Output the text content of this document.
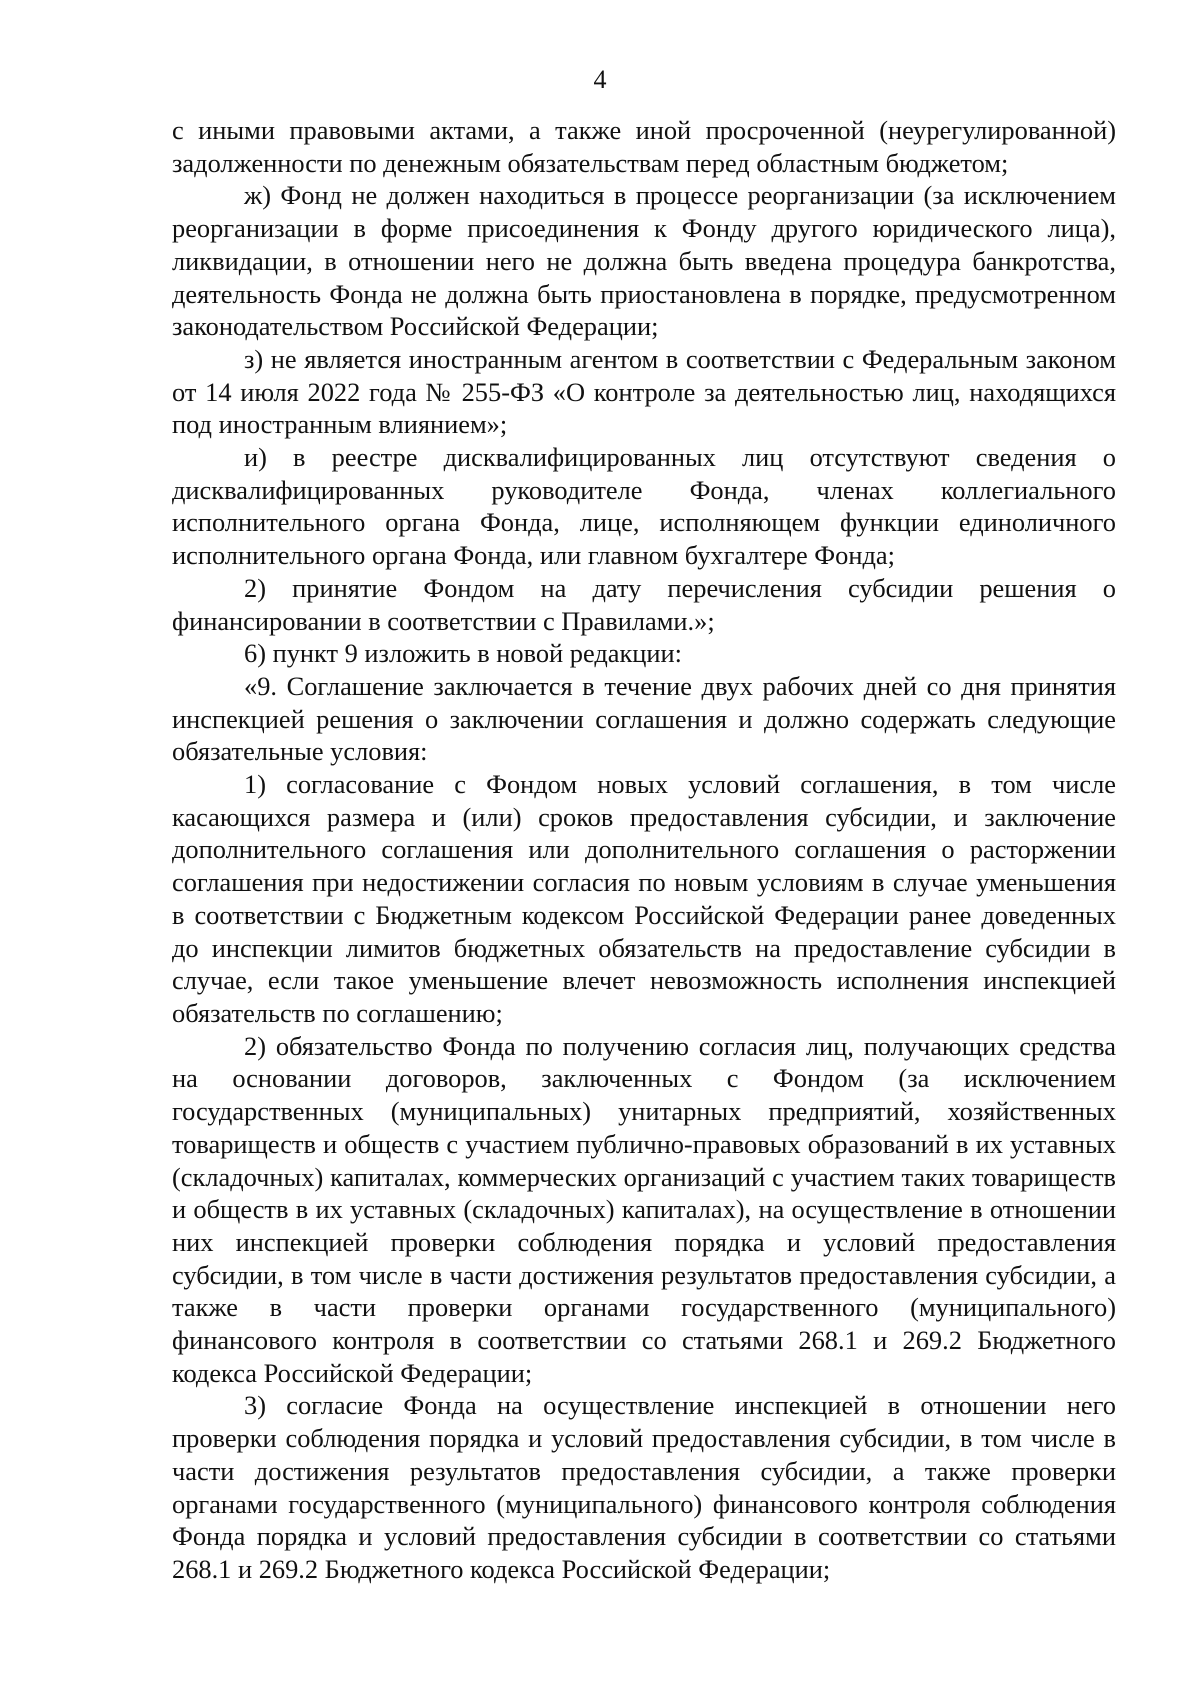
4

с иными правовыми актами, а также иной просроченной (неурегулированной) задолженности по денежным обязательствам перед областным бюджетом;

ж) Фонд не должен находиться в процессе реорганизации (за исключением реорганизации в форме присоединения к Фонду другого юридического лица), ликвидации, в отношении него не должна быть введена процедура банкротства, деятельность Фонда не должна быть приостановлена в порядке, предусмотренном законодательством Российской Федерации;

з) не является иностранным агентом в соответствии с Федеральным законом от 14 июля 2022 года № 255-ФЗ «О контроле за деятельностью лиц, находящихся под иностранным влиянием»;

и) в реестре дисквалифицированных лиц отсутствуют сведения о дисквалифицированных руководителе Фонда, членах коллегиального исполнительного органа Фонда, лице, исполняющем функции единоличного исполнительного органа Фонда, или главном бухгалтере Фонда;

2) принятие Фондом на дату перечисления субсидии решения о финансировании в соответствии с Правилами.»;

6) пункт 9 изложить в новой редакции:

«9. Соглашение заключается в течение двух рабочих дней со дня принятия инспекцией решения о заключении соглашения и должно содержать следующие обязательные условия:

1) согласование с Фондом новых условий соглашения, в том числе касающихся размера и (или) сроков предоставления субсидии, и заключение дополнительного соглашения или дополнительного соглашения о расторжении соглашения при недостижении согласия по новым условиям в случае уменьшения в соответствии с Бюджетным кодексом Российской Федерации ранее доведенных до инспекции лимитов бюджетных обязательств на предоставление субсидии в случае, если такое уменьшение влечет невозможность исполнения инспекцией обязательств по соглашению;

2) обязательство Фонда по получению согласия лиц, получающих средства на основании договоров, заключенных с Фондом (за исключением государственных (муниципальных) унитарных предприятий, хозяйственных товариществ и обществ с участием публично-правовых образований в их уставных (складочных) капиталах, коммерческих организаций с участием таких товариществ и обществ в их уставных (складочных) капиталах), на осуществление в отношении них инспекцией проверки соблюдения порядка и условий предоставления субсидии, в том числе в части достижения результатов предоставления субсидии, а также в части проверки органами государственного (муниципального) финансового контроля в соответствии со статьями 268.1 и 269.2 Бюджетного кодекса Российской Федерации;

3) согласие Фонда на осуществление инспекцией в отношении него проверки соблюдения порядка и условий предоставления субсидии, в том числе в части достижения результатов предоставления субсидии, а также проверки органами государственного (муниципального) финансового контроля соблюдения Фонда порядка и условий предоставления субсидии в соответствии со статьями 268.1 и 269.2 Бюджетного кодекса Российской Федерации;
